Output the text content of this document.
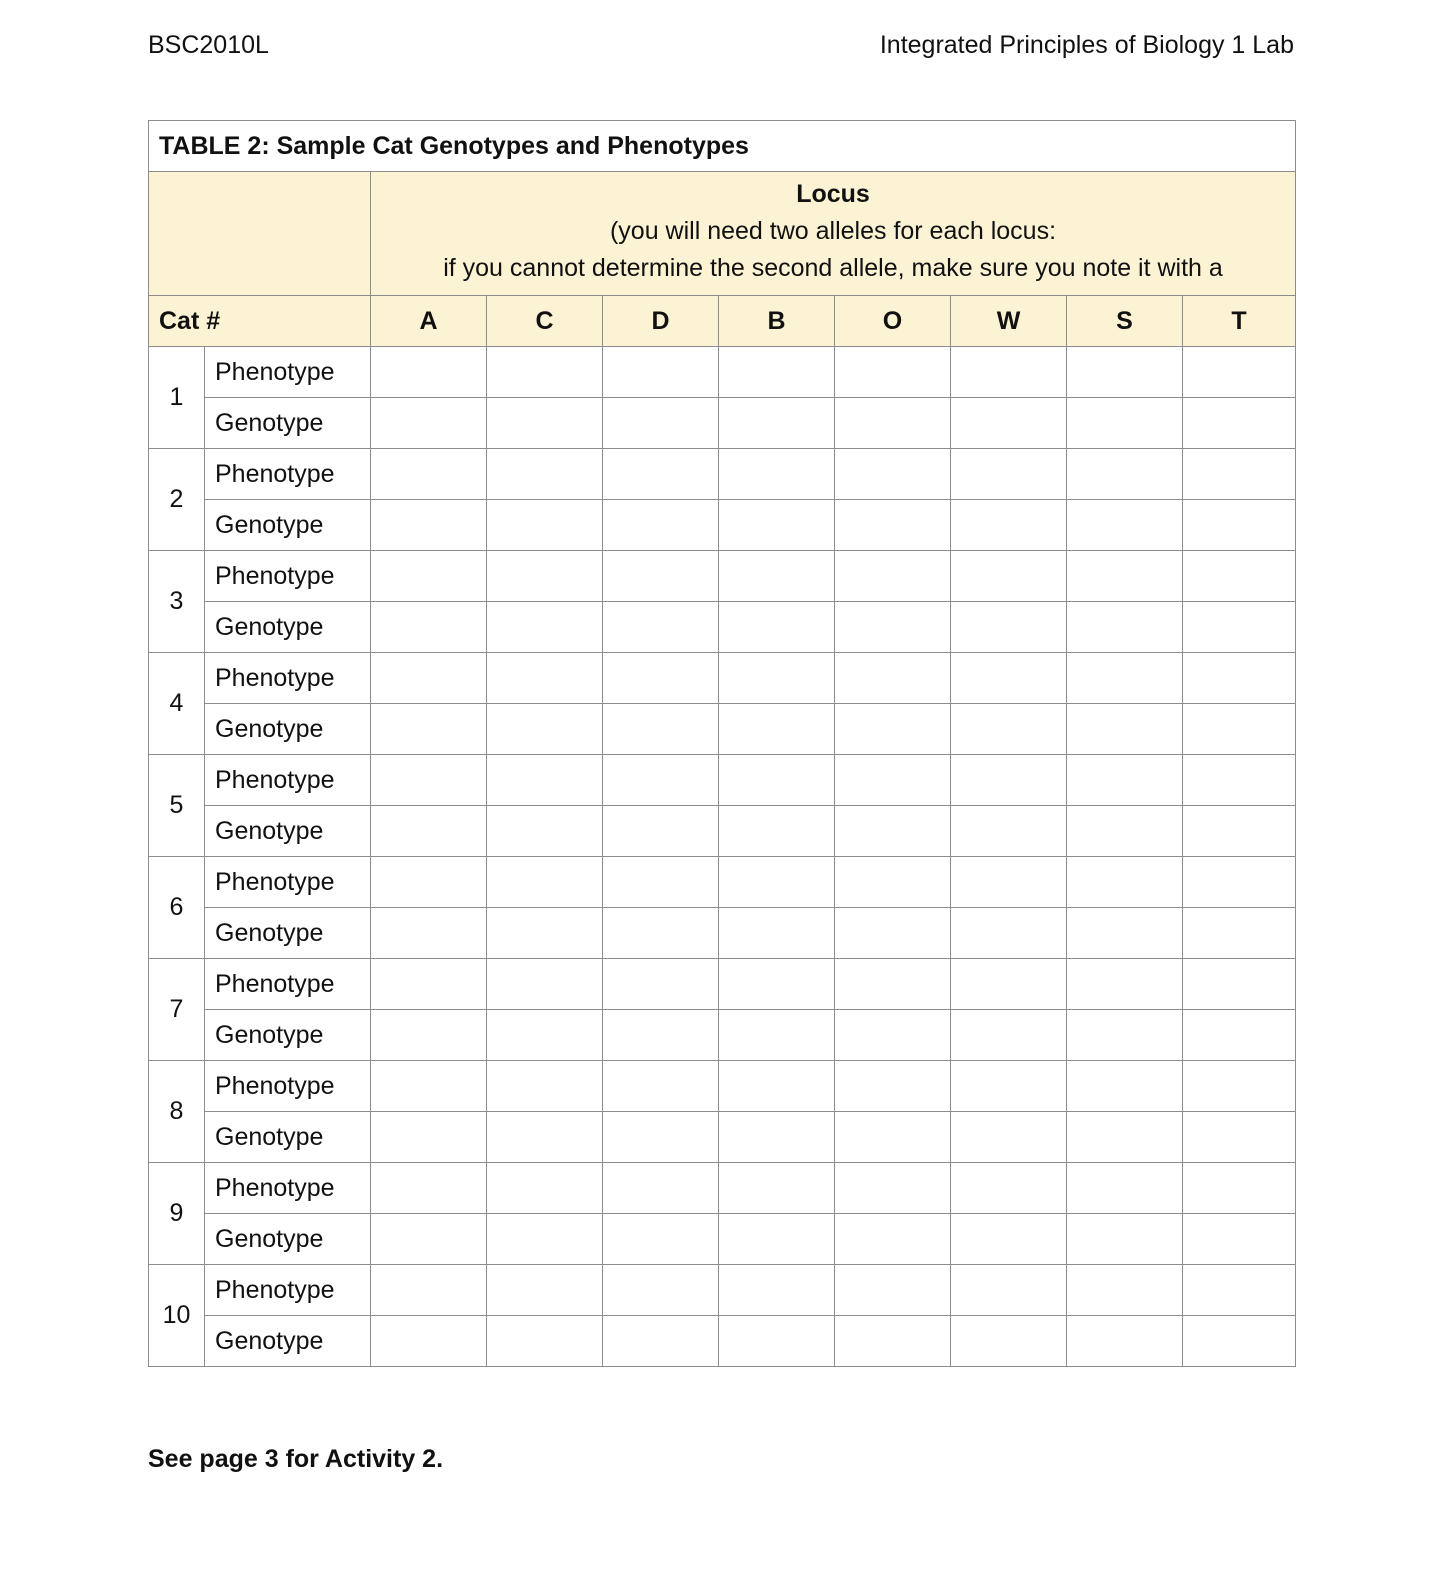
BSC2010L	Integrated Principles of Biology 1 Lab
TABLE 2: Sample Cat Genotypes and Phenotypes									

		Locus
(you will need two alleles for each locus:
if you cannot determine the second allele, make sure you note it with a							

Cat #		A	C	D	B	O	W	S	T
1	Phenotype								
	Genotype								
2	Phenotype								
	Genotype								
3	Phenotype								
	Genotype								
4	Phenotype								
	Genotype								
5	Phenotype								
	Genotype								
6	Phenotype								
	Genotype								
7	Phenotype								
	Genotype								
8	Phenotype								
	Genotype								
9	Phenotype								
	Genotype								
10	Phenotype								
	Genotype								
See page 3 for Activity 2.
